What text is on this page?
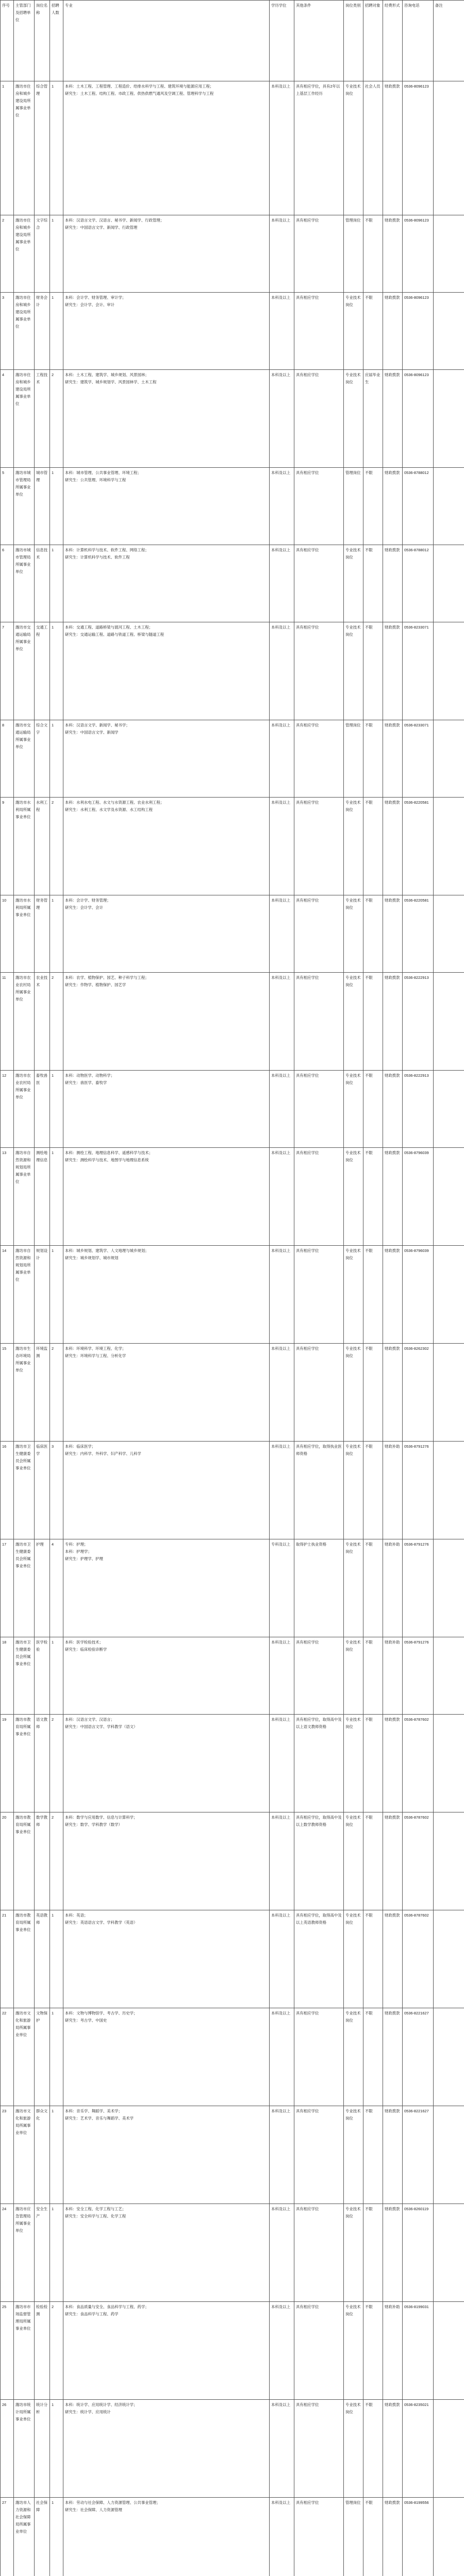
序号	主管部门及招聘单位	岗位名称	招聘人数	专业	学历学位	其他条件	岗位类别	招聘对象	经费形式	咨询电话	备注
1	潍坊市住房和城乡建设局所属事业单位	综合管理	1	本科：土木工程、工程管理、工程造价、给排水科学与工程、建筑环境与能源应用工程；
研究生：土木工程、结构工程、市政工程、供热供燃气通风及空调工程、管理科学与工程	本科及以上	具有相应学位，具有2年以上基层工作经历	专业技术岗位	社会人员	财政拨款	0536-8096123	
2	潍坊市住房和城乡建设局所属事业单位	文字综合	1	本科：汉语言文学、汉语言、秘书学、新闻学、行政管理；
研究生：中国语言文学、新闻学、行政管理	本科及以上	具有相应学位	管理岗位	不限	财政拨款	0536-8096123	
3	潍坊市住房和城乡建设局所属事业单位	财务会计	1	本科：会计学、财务管理、审计学；
研究生：会计学、会计、审计	本科及以上	具有相应学位	专业技术岗位	不限	财政拨款	0536-8096123	
4	潍坊市住房和城乡建设局所属事业单位	工程技术	2	本科：土木工程、建筑学、城乡规划、风景园林；
研究生：建筑学、城乡规划学、风景园林学、土木工程	本科及以上	具有相应学位	专业技术岗位	应届毕业生	财政拨款	0536-8096123	
5	潍坊市城市管理局所属事业单位	城市管理	1	本科：城市管理、公共事业管理、环境工程；
研究生：公共管理、环境科学与工程	本科及以上	具有相应学位	管理岗位	不限	财政拨款	0536-8788012	
6	潍坊市城市管理局所属事业单位	信息技术	1	本科：计算机科学与技术、软件工程、网络工程；
研究生：计算机科学与技术、软件工程	本科及以上	具有相应学位	专业技术岗位	不限	财政拨款	0536-8788012	
7	潍坊市交通运输局所属事业单位	交通工程	1	本科：交通工程、道路桥梁与渡河工程、土木工程；
研究生：交通运输工程、道路与铁道工程、桥梁与隧道工程	本科及以上	具有相应学位	专业技术岗位	不限	财政拨款	0536-8233071	
8	潍坊市交通运输局所属事业单位	综合文字	1	本科：汉语言文学、新闻学、秘书学；
研究生：中国语言文学、新闻学	本科及以上	具有相应学位	管理岗位	不限	财政拨款	0536-8233071	
9	潍坊市水利局所属事业单位	水利工程	2	本科：水利水电工程、水文与水资源工程、农业水利工程；
研究生：水利工程、水文学及水资源、水工结构工程	本科及以上	具有相应学位	专业技术岗位	不限	财政拨款	0536-8220581	
10	潍坊市水利局所属事业单位	财务管理	1	本科：会计学、财务管理；
研究生：会计学、会计	本科及以上	具有相应学位	专业技术岗位	不限	财政拨款	0536-8220581	
11	潍坊市农业农村局所属事业单位	农业技术	2	本科：农学、植物保护、园艺、种子科学与工程；
研究生：作物学、植物保护、园艺学	本科及以上	具有相应学位	专业技术岗位	不限	财政拨款	0536-8222913	
12	潍坊市农业农村局所属事业单位	畜牧兽医	1	本科：动物医学、动物科学；
研究生：兽医学、畜牧学	本科及以上	具有相应学位	专业技术岗位	不限	财政拨款	0536-8222913	
13	潍坊市自然资源和规划局所属事业单位	测绘地理信息	1	本科：测绘工程、地理信息科学、遥感科学与技术；
研究生：测绘科学与技术、地图学与地理信息系统	本科及以上	具有相应学位	专业技术岗位	不限	财政拨款	0536-8796039	
14	潍坊市自然资源和规划局所属事业单位	规划设计	1	本科：城乡规划、建筑学、人文地理与城乡规划；
研究生：城乡规划学、城市规划	本科及以上	具有相应学位	专业技术岗位	不限	财政拨款	0536-8796039	
15	潍坊市生态环境局所属事业单位	环境监测	2	本科：环境科学、环境工程、化学；
研究生：环境科学与工程、分析化学	本科及以上	具有相应学位	专业技术岗位	不限	财政拨款	0536-8262302	
16	潍坊市卫生健康委员会所属事业单位	临床医学	3	本科：临床医学；
研究生：内科学、外科学、妇产科学、儿科学	本科及以上	具有相应学位，取得执业医师资格	专业技术岗位	不限	财政补助	0536-8791276	
17	潍坊市卫生健康委员会所属事业单位	护理	4	专科：护理；
本科：护理学；
研究生：护理学、护理	专科及以上	取得护士执业资格	专业技术岗位	不限	财政补助	0536-8791276	
18	潍坊市卫生健康委员会所属事业单位	医学检验	1	本科：医学检验技术；
研究生：临床检验诊断学	本科及以上	具有相应学位	专业技术岗位	不限	财政补助	0536-8791276	
19	潍坊市教育局所属事业单位	语文教师	2	本科：汉语言文学、汉语言；
研究生：中国语言文学、学科教学（语文）	本科及以上	具有相应学位，取得高中及以上语文教师资格	专业技术岗位	不限	财政拨款	0536-8787602	
20	潍坊市教育局所属事业单位	数学教师	2	本科：数学与应用数学、信息与计算科学；
研究生：数学、学科教学（数学）	本科及以上	具有相应学位，取得高中及以上数学教师资格	专业技术岗位	不限	财政拨款	0536-8787602	
21	潍坊市教育局所属事业单位	英语教师	1	本科：英语；
研究生：英语语言文学、学科教学（英语）	本科及以上	具有相应学位，取得高中及以上英语教师资格	专业技术岗位	不限	财政拨款	0536-8787602	
22	潍坊市文化和旅游局所属事业单位	文物保护	1	本科：文物与博物馆学、考古学、历史学；
研究生：考古学、中国史	本科及以上	具有相应学位	专业技术岗位	不限	财政拨款	0536-8221627	
23	潍坊市文化和旅游局所属事业单位	群众文化	1	本科：音乐学、舞蹈学、美术学；
研究生：艺术学、音乐与舞蹈学、美术学	本科及以上	具有相应学位	专业技术岗位	不限	财政拨款	0536-8221627	
24	潍坊市应急管理局所属事业单位	安全生产	1	本科：安全工程、化学工程与工艺；
研究生：安全科学与工程、化学工程	本科及以上	具有相应学位	专业技术岗位	不限	财政拨款	0536-8260119	
25	潍坊市市场监督管理局所属事业单位	检验检测	2	本科：食品质量与安全、食品科学与工程、药学；
研究生：食品科学与工程、药学	本科及以上	具有相应学位	专业技术岗位	不限	财政补助	0536-8199031	
26	潍坊市统计局所属事业单位	统计分析	1	本科：统计学、应用统计学、经济统计学；
研究生：统计学、应用统计	本科及以上	具有相应学位	专业技术岗位	不限	财政拨款	0536-8235021	
27	潍坊市人力资源和社会保障局所属事业单位	社会保障	1	本科：劳动与社会保障、人力资源管理、公共事业管理；
研究生：社会保障、人力资源管理	本科及以上	具有相应学位	管理岗位	不限	财政拨款	0536-8199556	
